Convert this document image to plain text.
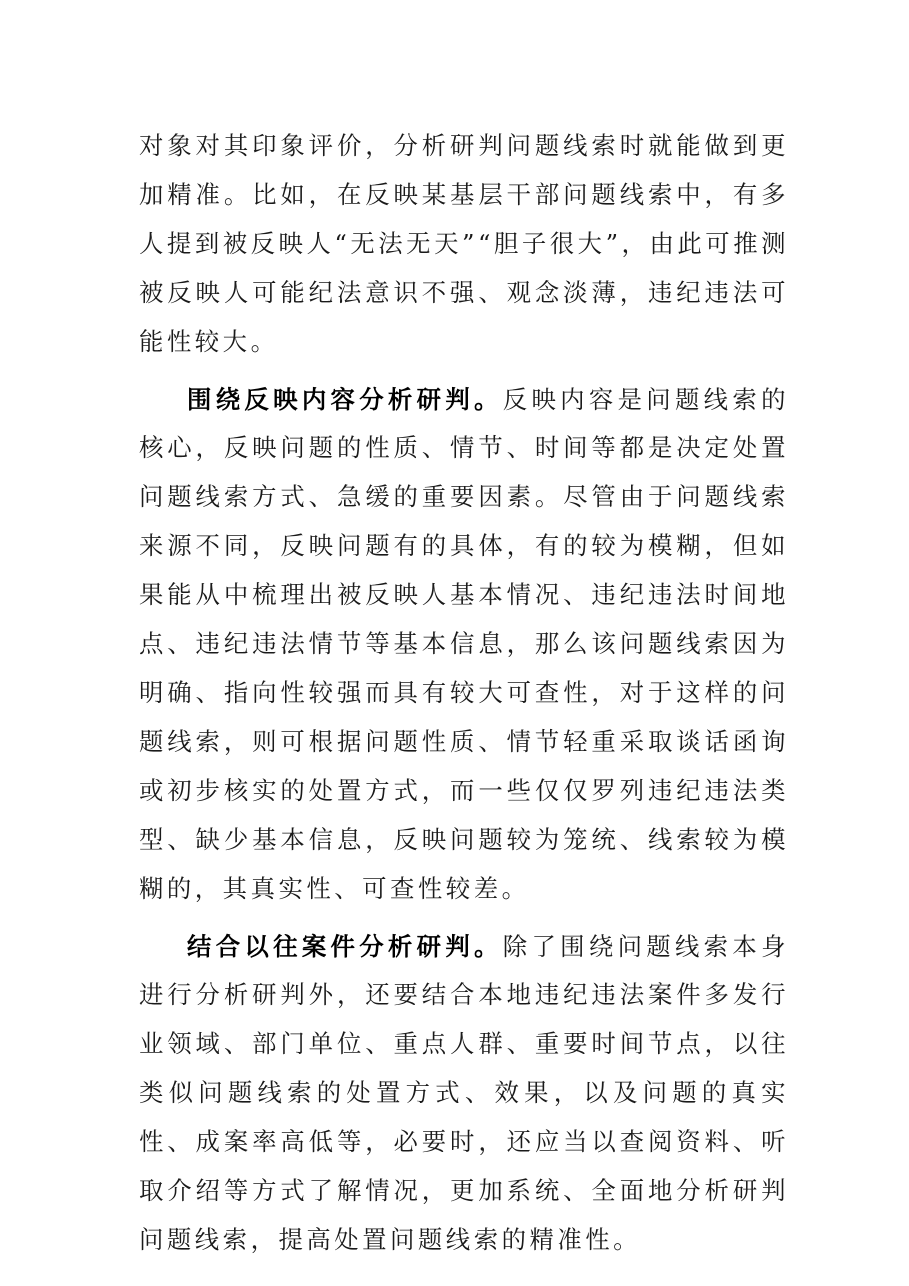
对象对其印象评价，分析研判问题线索时就能做到更加精准。比如，在反映某基层干部问题线索中，有多人提到被反映人“无法无天”“胆子很大”，由此可推测被反映人可能纪法意识不强、观念淡薄，违纪违法可能性较大。

围绕反映内容分析研判。反映内容是问题线索的核心，反映问题的性质、情节、时间等都是决定处置问题线索方式、急缓的重要因素。尽管由于问题线索来源不同，反映问题有的具体，有的较为模糊，但如果能从中梳理出被反映人基本情况、违纪违法时间地点、违纪违法情节等基本信息，那么该问题线索因为明确、指向性较强而具有较大可查性，对于这样的问题线索，则可根据问题性质、情节轻重采取谈话函询或初步核实的处置方式，而一些仅仅罗列违纪违法类型、缺少基本信息，反映问题较为笼统、线索较为模糊的，其真实性、可查性较差。

结合以往案件分析研判。除了围绕问题线索本身进行分析研判外，还要结合本地违纪违法案件多发行业领域、部门单位、重点人群、重要时间节点，以往类似问题线索的处置方式、效果，以及问题的真实性、成案率高低等，必要时，还应当以查阅资料、听取介绍等方式了解情况，更加系统、全面地分析研判问题线索，提高处置问题线索的精准性。
